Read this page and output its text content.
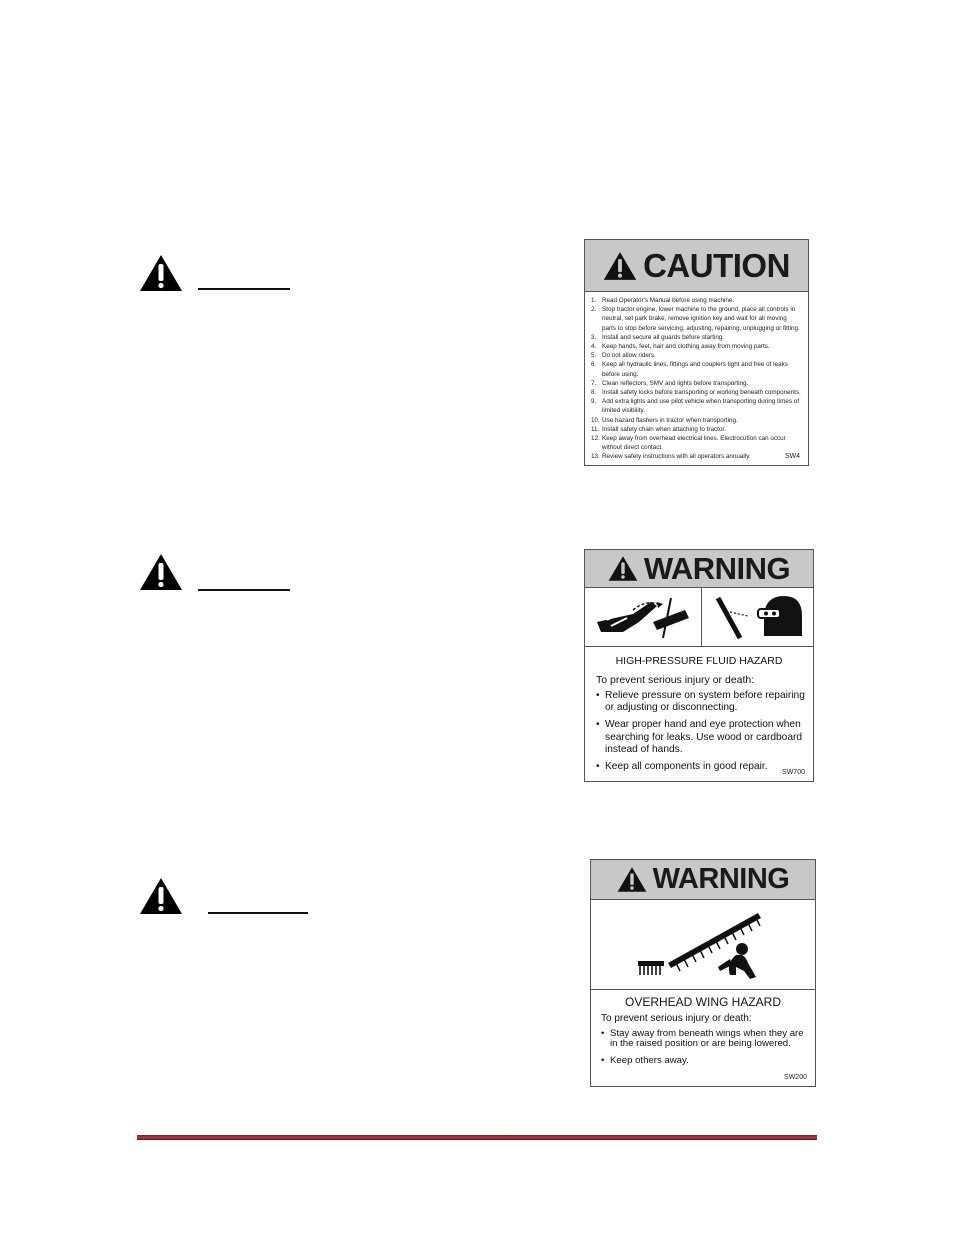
CAUTION
1. Read Operator's Manual before using machine.
2. Stop tractor engine, lower machine to the ground, place all controls in neutral, set park brake, remove ignition key and wait for all moving parts to stop before servicing, adjusting, repairing, unplugging or fitting.
3. Install and secure all guards before starting.
4. Keep hands, feet, hair and clothing away from moving parts.
5. Do not allow riders.
6. Keep all hydraulic lines, fittings and couplers tight and free of leaks before using.
7. Clean reflectors, SMV and lights before transporting.
8. Install safety locks before transporting or working beneath components.
9. Add extra lights and use pilot vehicle when transporting during times of limited visibility.
10. Use hazard flashers in tractor when transporting.
11. Install safety chain when attaching to tractor.
12. Keep away from overhead electrical lines. Electrocution can occur without direct contact.
13. Review safety instructions with all operators annually.	SW4
WARNING
HIGH-PRESSURE FLUID HAZARD
To prevent serious injury or death:
• Relieve pressure on system before repairing or adjusting or disconnecting.
• Wear proper hand and eye protection when searching for leaks. Use wood or cardboard instead of hands.
• Keep all components in good repair.
SW700
WARNING
OVERHEAD WING HAZARD
To prevent serious injury or death:
• Stay away from beneath wings when they are in the raised position or are being lowered.
• Keep others away.
SW200
